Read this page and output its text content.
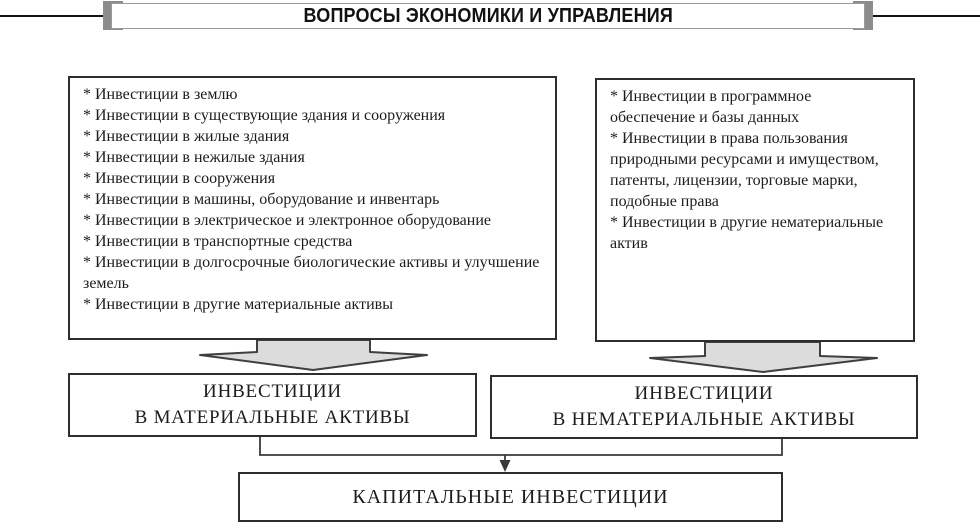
ВОПРОСЫ ЭКОНОМИКИ И УПРАВЛЕНИЯ
* Инвестиции в землю
* Инвестиции в существующие здания и сооружения
* Инвестиции в жилые здания
* Инвестиции в нежилые здания
* Инвестиции в сооружения
* Инвестиции в машины, оборудование и инвентарь
* Инвестиции в электрическое и электронное оборудование
* Инвестиции в транспортные средства
* Инвестиции в долгосрочные биологические активы и улучшение земель
* Инвестиции в другие материальные активы
* Инвестиции в программное обеспечение и базы данных
* Инвестиции в права пользования природными ресурсами и имуществом, патенты, лицензии, торговые марки, подобные права
* Инвестиции в другие нематериальные актив
ИНВЕСТИЦИИ
В МАТЕРИАЛЬНЫЕ АКТИВЫ
ИНВЕСТИЦИИ
В НЕМАТЕРИАЛЬНЫЕ АКТИВЫ
КАПИТАЛЬНЫЕ ИНВЕСТИЦИИ
